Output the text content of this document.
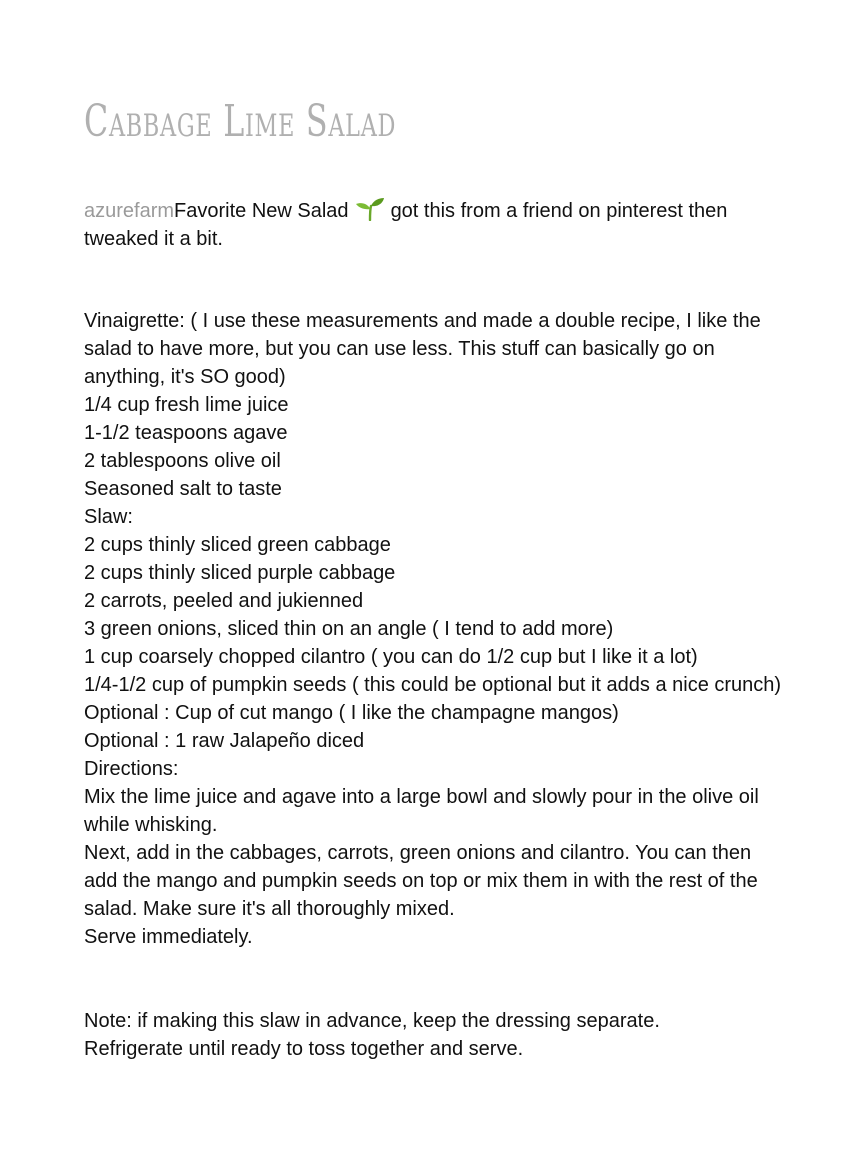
Cabbage Lime Salad

azurefarmFavorite New Salad got this from a friend on pinterest then tweaked it a bit.

Vinaigrette: ( I use these measurements and made a double recipe, I like the salad to have more, but you can use less. This stuff can basically go on anything, it's SO good)
1/4 cup fresh lime juice
1-1/2 teaspoons agave
2 tablespoons olive oil
Seasoned salt to taste
Slaw:
2 cups thinly sliced green cabbage
2 cups thinly sliced purple cabbage
2 carrots, peeled and jukienned
3 green onions, sliced thin on an angle ( I tend to add more)
1 cup coarsely chopped cilantro ( you can do 1/2 cup but I like it a lot)
1/4-1/2 cup of pumpkin seeds ( this could be optional but it adds a nice crunch)
Optional : Cup of cut mango ( I like the champagne mangos)
Optional : 1 raw Jalapeño diced
Directions:
Mix the lime juice and agave into a large bowl and slowly pour in the olive oil while whisking.
Next, add in the cabbages, carrots, green onions and cilantro. You can then add the mango and pumpkin seeds on top or mix them in with the rest of the salad. Make sure it's all thoroughly mixed.
Serve immediately.
Note: if making this slaw in advance, keep the dressing separate.
Refrigerate until ready to toss together and serve.
